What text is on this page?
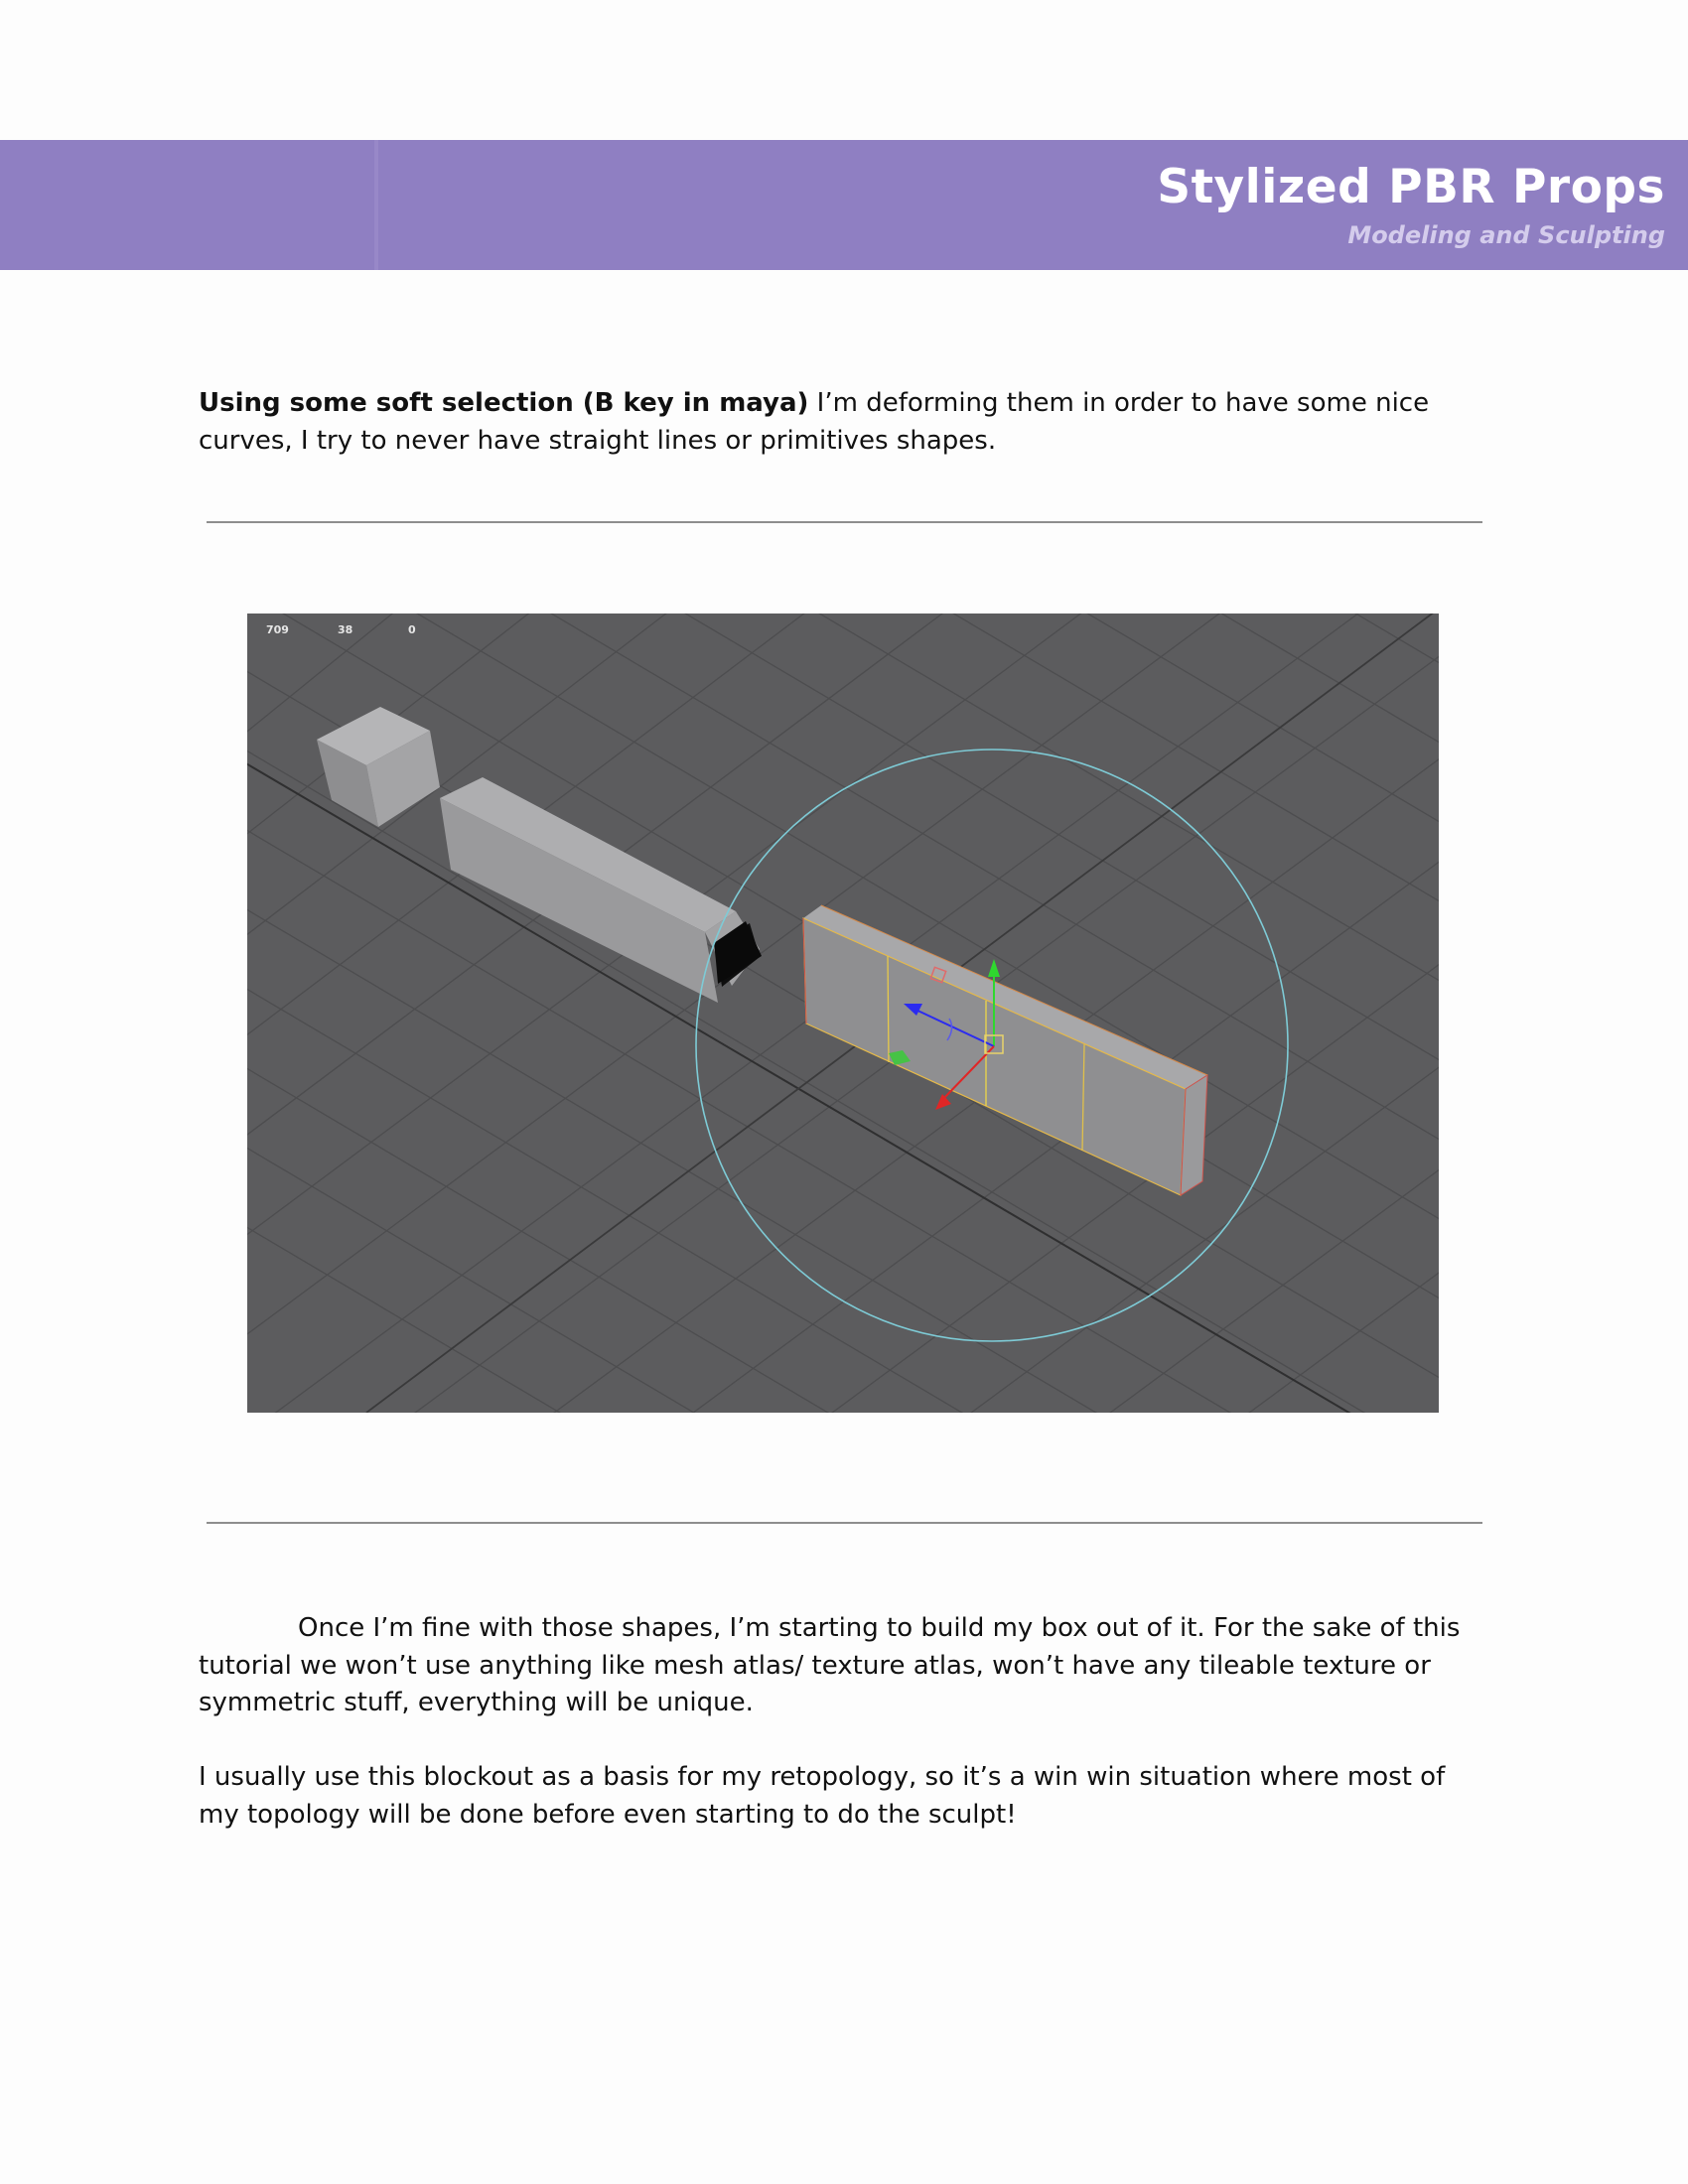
Stylized PBR Props
Modeling and Sculpting

Using some soft selection (B key in maya) I’m deforming them in order to have some nice curves, I try to never have straight lines or primitives shapes.

709	38	0

Once I’m fine with those shapes, I’m starting to build my box out of it. For the sake of this tutorial we won’t use anything like mesh atlas/ texture atlas, won’t have any tileable texture or symmetric stuff, everything will be unique.

I usually use this blockout as a basis for my retopology, so it’s a win win situation where most of my topology will be done before even starting to do the sculpt!
